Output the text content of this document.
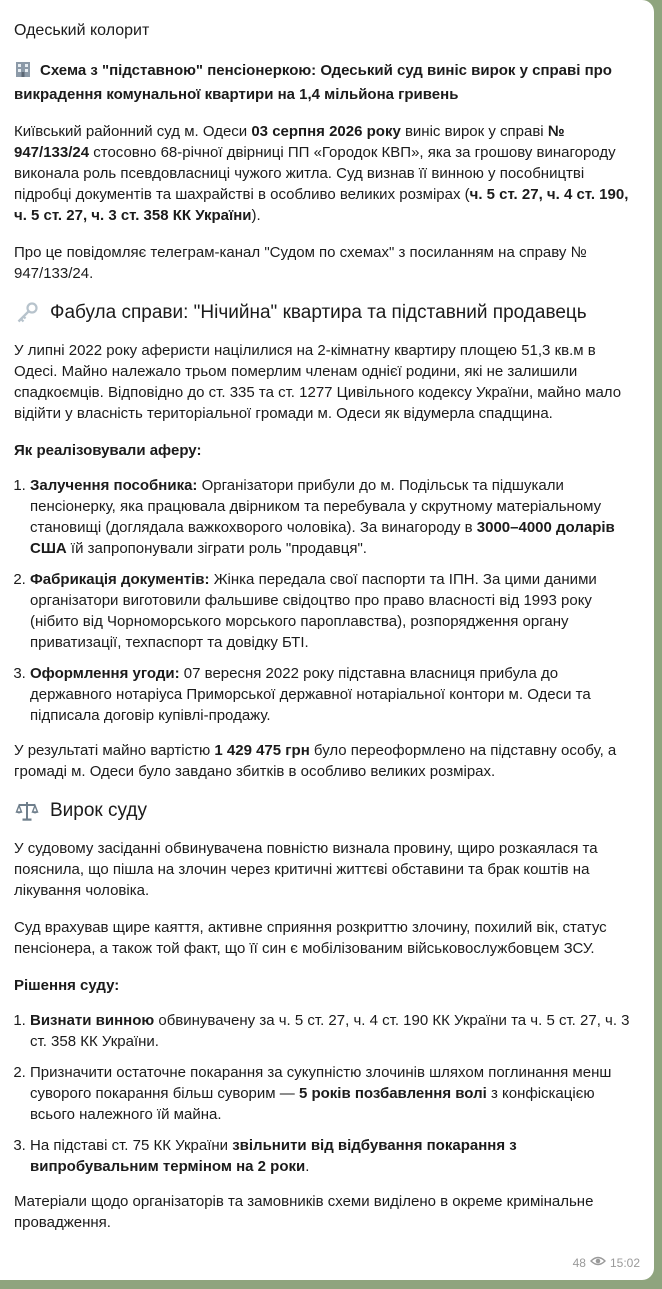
Одеський колорит
Схема з "підставною" пенсіонеркою: Одеський суд виніс вирок у справі про викрадення комунальної квартири на 1,4 мільйона гривень

Київський районний суд м. Одеси 03 серпня 2026 року виніс вирок у справі № 947/133/24 стосовно 68-річної двірниці ПП «Городок КВП», яка за грошову винагороду виконала роль псевдовласниці чужого житла. Суд визнав її винною у пособництві підробці документів та шахрайстві в особливо великих розмірах (ч. 5 ст. 27, ч. 4 ст. 190, ч. 5 ст. 27, ч. 3 ст. 358 КК України).

Про це повідомляє телеграм-канал "Судом по схемах" з посиланням на справу № 947/133/24.

Фабула справи: "Нічийна" квартира та підставний продавець

У липні 2022 року аферисти націлилися на 2-кімнатну квартиру площею 51,3 кв.м в Одесі. Майно належало трьом померлим членам однієї родини, які не залишили спадкоємців. Відповідно до ст. 335 та ст. 1277 Цивільного кодексу України, майно мало відійти у власність територіальної громади м. Одеси як відумерла спадщина.

Як реалізовували аферу:
1. Залучення пособника: Організатори прибули до м. Подільськ та підшукали пенсіонерку, яка працювала двірником та перебувала у скрутному матеріальному становищі (доглядала важкохворого чоловіка). За винагороду в 3000–4000 доларів США їй запропонували зіграти роль "продавця".
2. Фабрикація документів: Жінка передала свої паспорти та ІПН. За цими даними організатори виготовили фальшиве свідоцтво про право власності від 1993 року (нібито від Чорноморського морського пароплавства), розпорядження органу приватизації, техпаспорт та довідку БТІ.
3. Оформлення угоди: 07 вересня 2022 року підставна власниця прибула до державного нотаріуса Приморської державної нотаріальної контори м. Одеси та підписала договір купівлі-продажу.

У результаті майно вартістю 1 429 475 грн було переоформлено на підставну особу, а громаді м. Одеси було завдано збитків в особливо великих розмірах.

Вирок суду

У судовому засіданні обвинувачена повністю визнала провину, щиро розкаялася та пояснила, що пішла на злочин через критичні життєві обставини та брак коштів на лікування чоловіка.

Суд врахував щире каяття, активне сприяння розкриттю злочину, похилий вік, статус пенсіонера, а також той факт, що її син є мобілізованим військовослужбовцем ЗСУ.

Рішення суду:
1. Визнати винною обвинувачену за ч. 5 ст. 27, ч. 4 ст. 190 КК України та ч. 5 ст. 27, ч. 3 ст. 358 КК України.
2. Призначити остаточне покарання за сукупністю злочинів шляхом поглинання менш суворого покарання більш суворим — 5 років позбавлення волі з конфіскацією всього належного їй майна.
3. На підставі ст. 75 КК України звільнити від відбування покарання з випробувальним терміном на 2 роки.

Матеріали щодо організаторів та замовників схеми виділено в окреме кримінальне провадження.

48 15:02
